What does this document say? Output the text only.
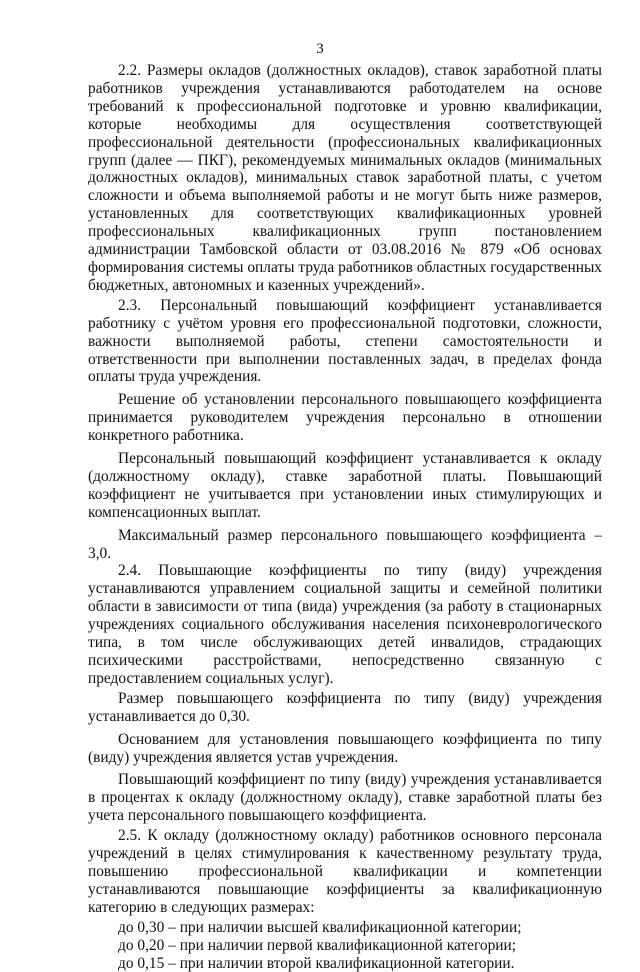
3

2.2. Размеры окладов (должностных окладов), ставок заработной платы работников учреждения устанавливаются работодателем на основе требований к профессиональной подготовке и уровню квалификации, которые необходимы для осуществления соответствующей профессиональной деятельности (профессиональных квалификационных групп (далее — ПКГ), рекомендуемых минимальных окладов (минимальных должностных окладов), минимальных ставок заработной платы, с учетом сложности и объема выполняемой работы и не могут быть ниже размеров, установленных для соответствующих квалификационных уровней профессиональных квалификационных групп постановлением администрации Тамбовской области от 03.08.2016 № 879 «Об основах формирования системы оплаты труда работников областных государственных бюджетных, автономных и казенных учреждений».

2.3. Персональный повышающий коэффициент устанавливается работнику с учётом уровня его профессиональной подготовки, сложности, важности выполняемой работы, степени самостоятельности и ответственности при выполнении поставленных задач, в пределах фонда оплаты труда учреждения.

Решение об установлении персонального повышающего коэффициента принимается руководителем учреждения персонально в отношении конкретного работника.

Персональный повышающий коэффициент устанавливается к окладу (должностному окладу), ставке заработной платы. Повышающий коэффициент не учитывается при установлении иных стимулирующих и компенсационных выплат.

Максимальный размер персонального повышающего коэффициента – 3,0.

2.4. Повышающие коэффициенты по типу (виду) учреждения устанавливаются управлением социальной защиты и семейной политики области в зависимости от типа (вида) учреждения (за работу в стационарных учреждениях социального обслуживания населения психоневрологического типа, в том числе обслуживающих детей инвалидов, страдающих психическими расстройствами, непосредственно связанную с предоставлением социальных услуг).

Размер повышающего коэффициента по типу (виду) учреждения устанавливается до 0,30.

Основанием для установления повышающего коэффициента по типу (виду) учреждения является устав учреждения.

Повышающий коэффициент по типу (виду) учреждения устанавливается в процентах к окладу (должностному окладу), ставке заработной платы без учета персонального повышающего коэффициента.

2.5. К окладу (должностному окладу) работников основного персонала учреждений в целях стимулирования к качественному результату труда, повышению профессиональной квалификации и компетенции устанавливаются повышающие коэффициенты за квалификационную категорию в следующих размерах:

до 0,30 – при наличии высшей квалификационной категории;
до 0,20 – при наличии первой квалификационной категории;
до 0,15 – при наличии второй квалификационной категории.
